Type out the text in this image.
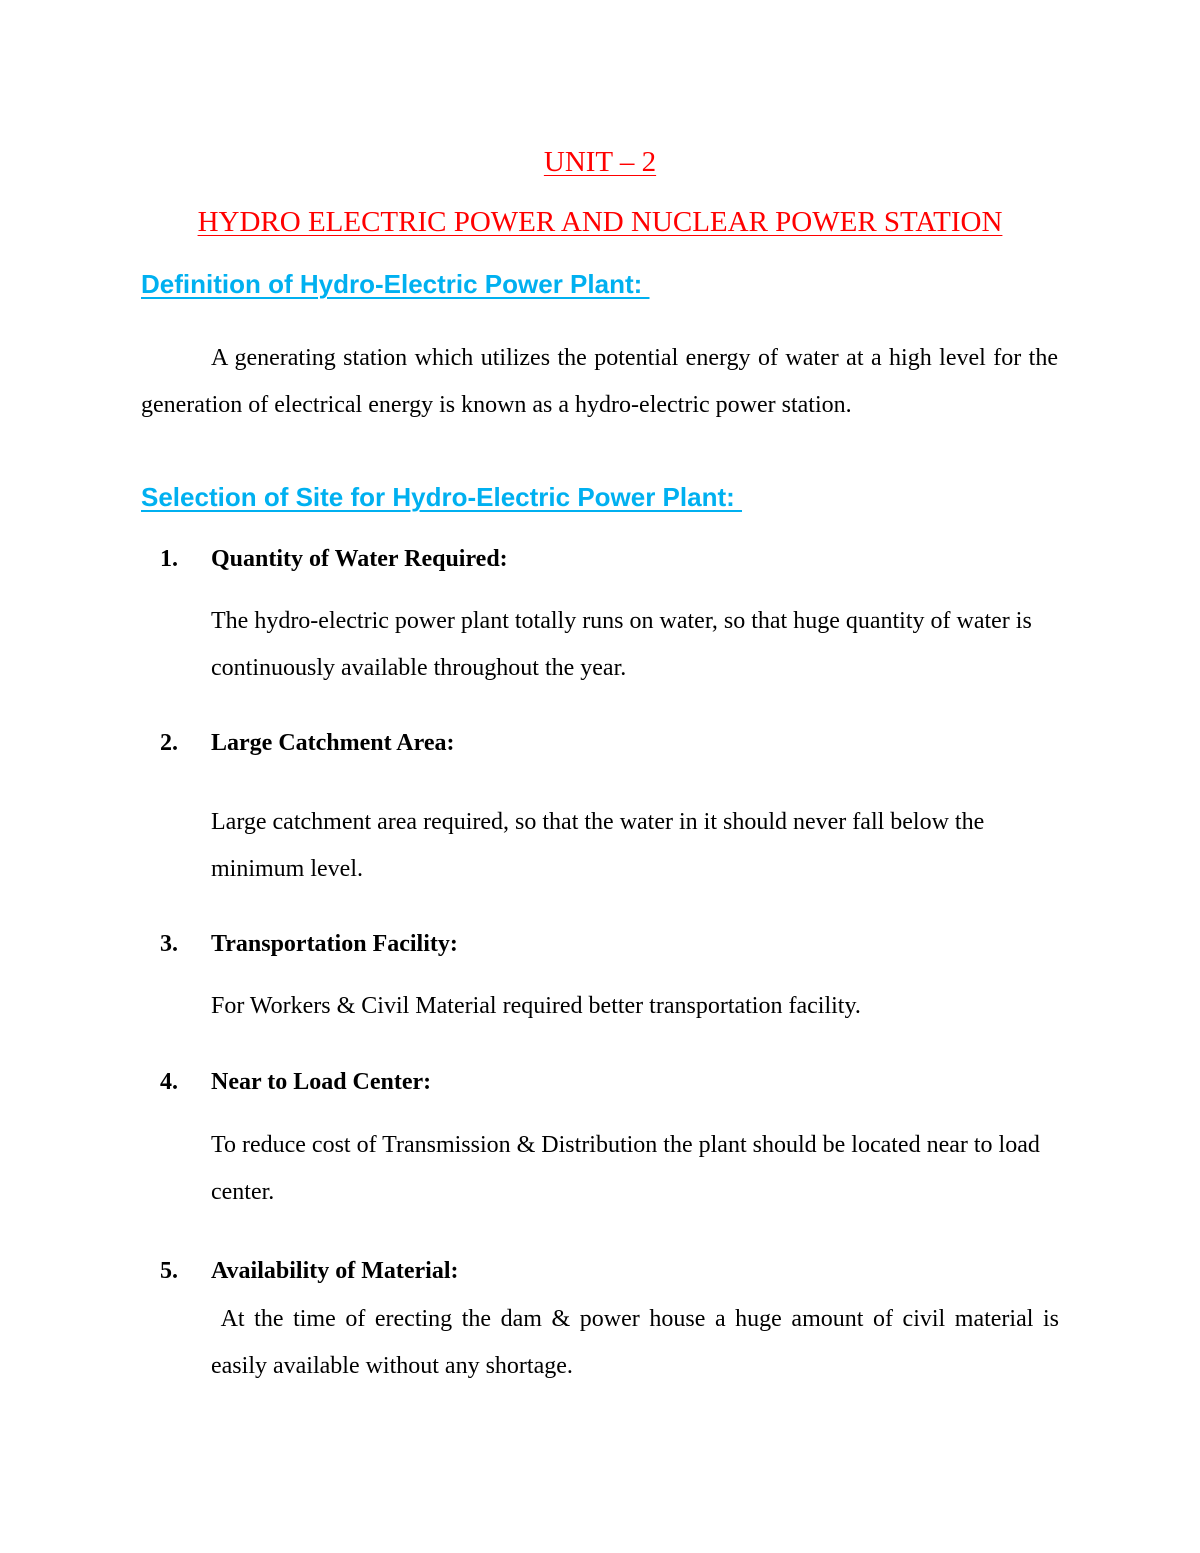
UNIT – 2
HYDRO ELECTRIC POWER AND NUCLEAR POWER STATION
Definition of Hydro-Electric Power Plant:

A generating station which utilizes the potential energy of water at a high level for the generation of electrical energy is known as a hydro-electric power station.

Selection of Site for Hydro-Electric Power Plant:
1. Quantity of Water Required:

The hydro-electric power plant totally runs on water, so that huge quantity of water is continuously available throughout the year.

2. Large Catchment Area:

Large catchment area required, so that the water in it should never fall below the minimum level.

3. Transportation Facility:

For Workers & Civil Material required better transportation facility.

4. Near to Load Center:

To reduce cost of Transmission & Distribution the plant should be located near to load center.

5. Availability of Material:

At the time of erecting the dam & power house a huge amount of civil material is easily available without any shortage.
